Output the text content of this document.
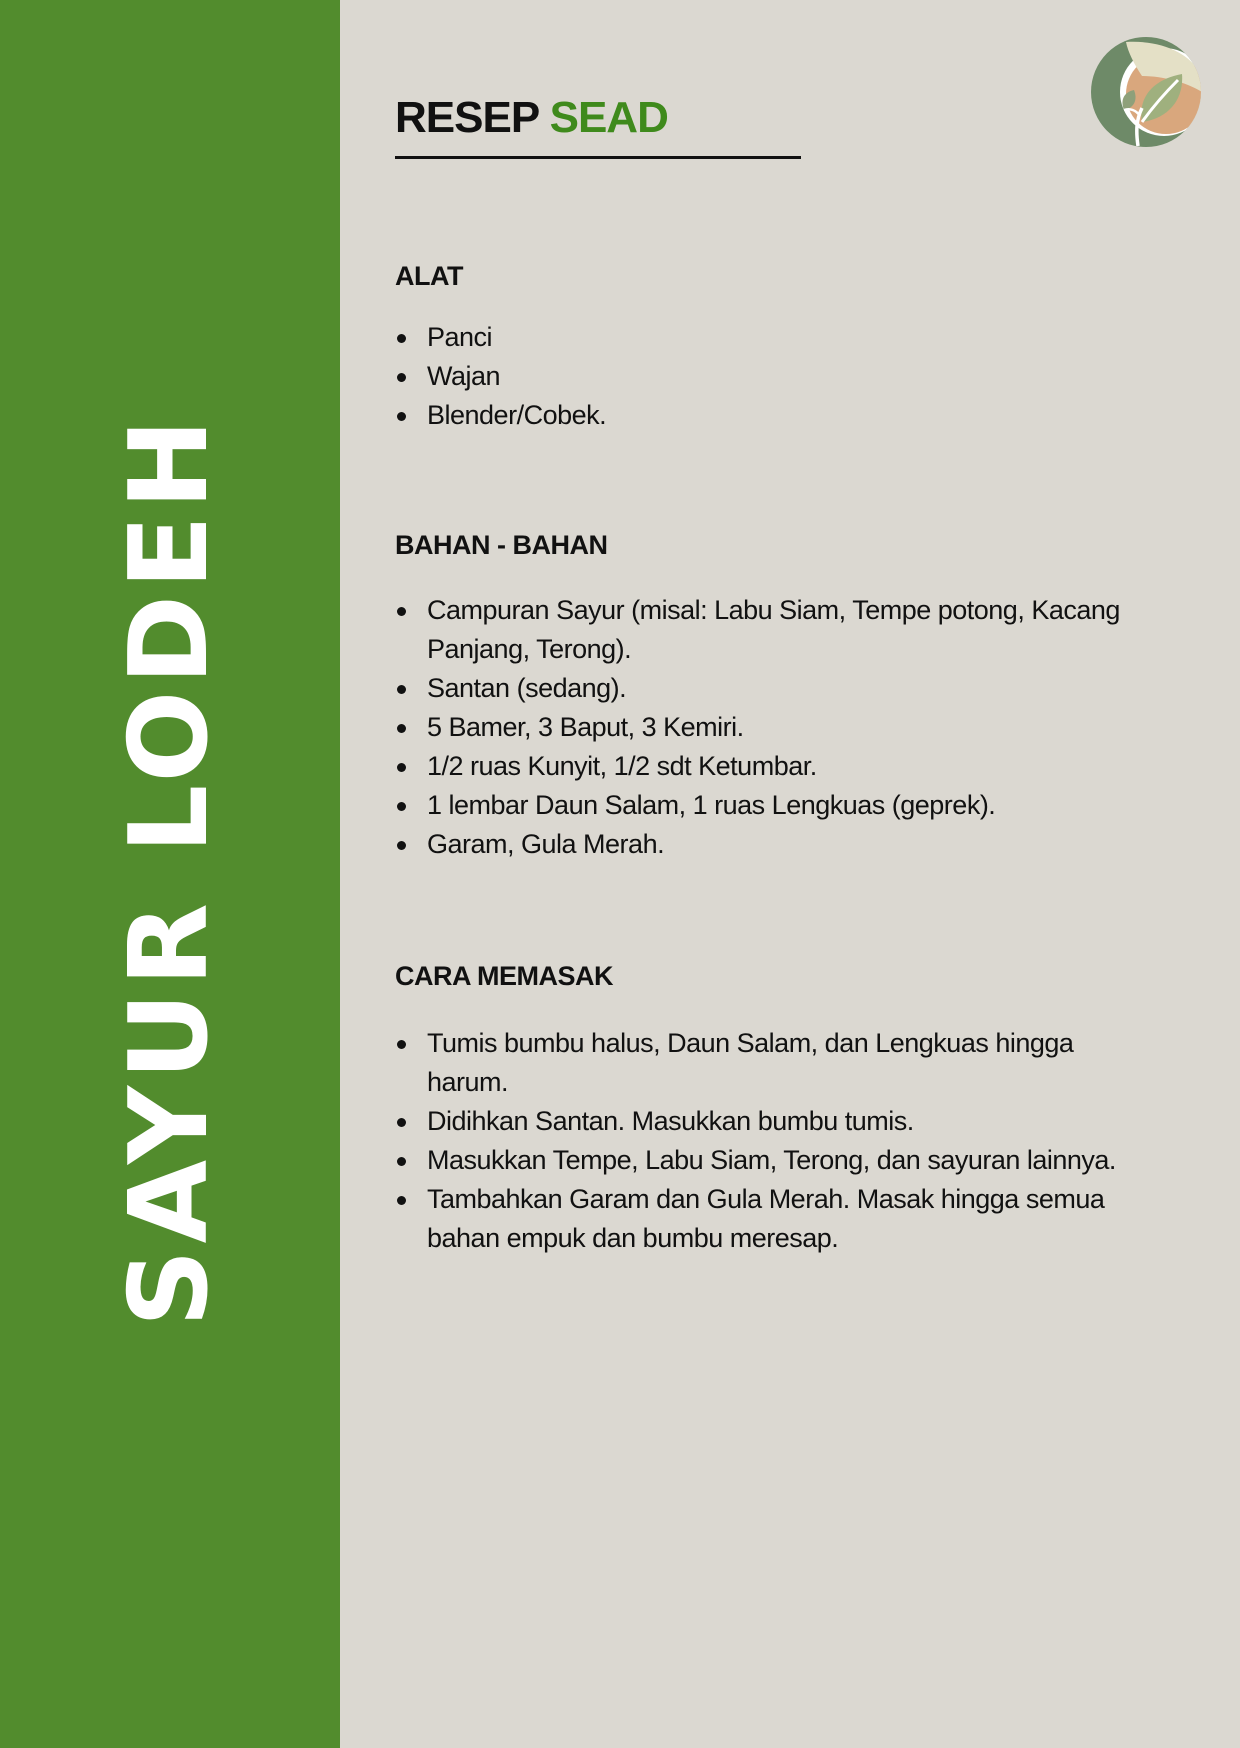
SAYUR LODEH
RESEP SEAD
ALAT
Panci
Wajan
Blender/Cobek.
BAHAN - BAHAN
Campuran Sayur (misal: Labu Siam, Tempe potong, Kacang Panjang, Terong).
Santan (sedang).
5 Bamer, 3 Baput, 3 Kemiri.
1/2 ruas Kunyit, 1/2 sdt Ketumbar.
1 lembar Daun Salam, 1 ruas Lengkuas (geprek).
Garam, Gula Merah.
CARA MEMASAK
Tumis bumbu halus, Daun Salam, dan Lengkuas hingga harum.
Didihkan Santan. Masukkan bumbu tumis.
Masukkan Tempe, Labu Siam, Terong, dan sayuran lainnya.
Tambahkan Garam dan Gula Merah. Masak hingga semua bahan empuk dan bumbu meresap.
